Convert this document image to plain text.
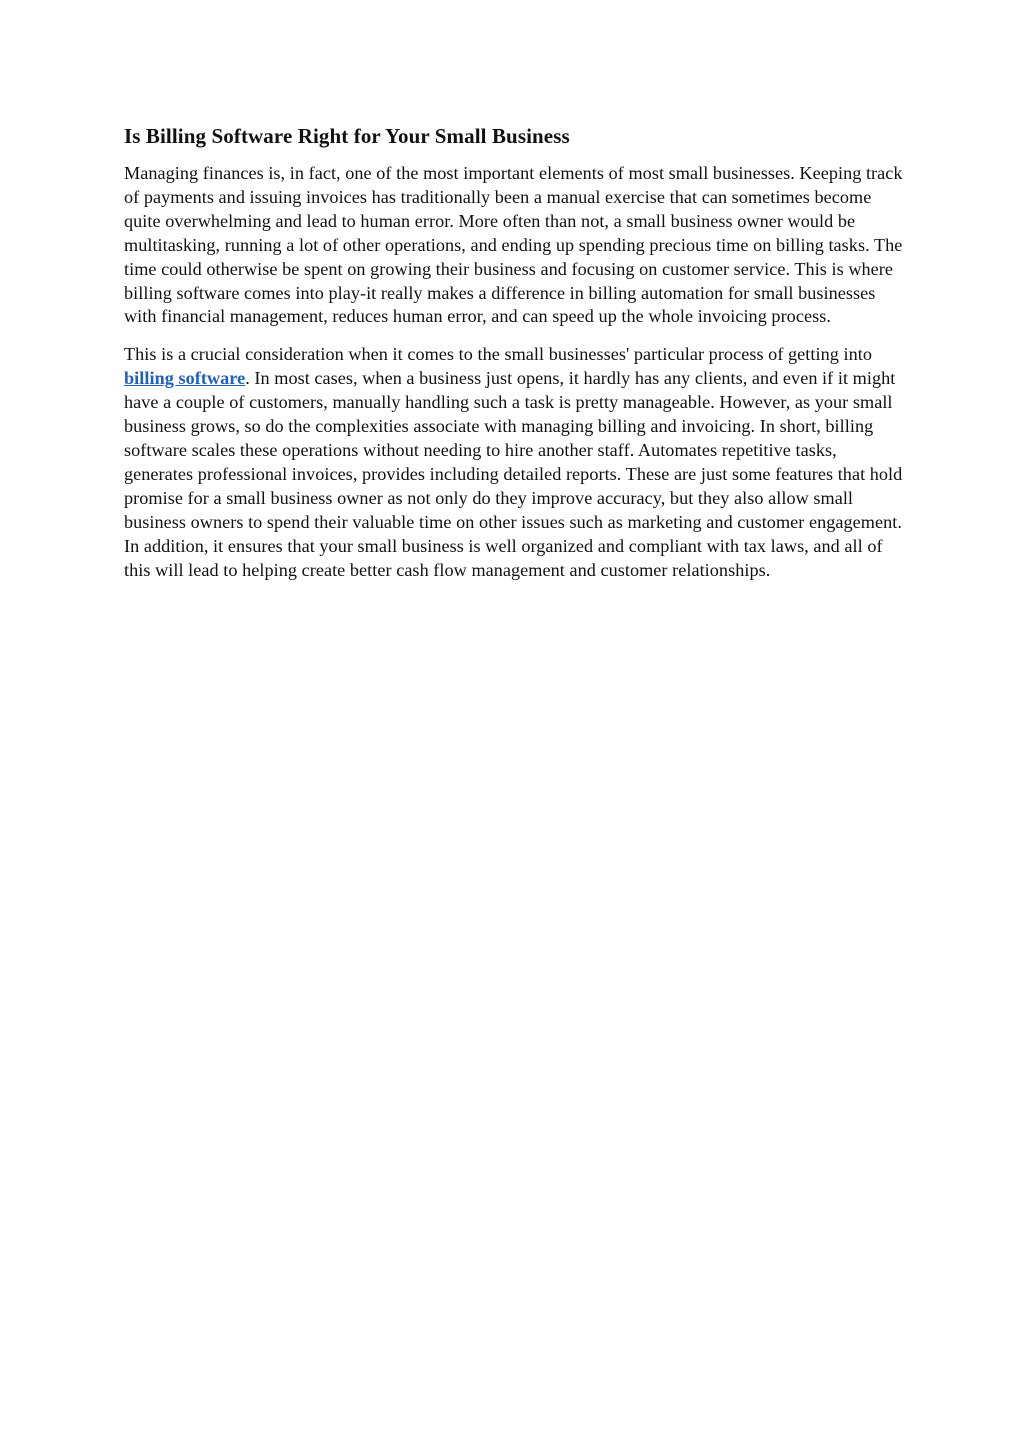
Is Billing Software Right for Your Small Business

Managing finances is, in fact, one of the most important elements of most small businesses. Keeping track of payments and issuing invoices has traditionally been a manual exercise that can sometimes become quite overwhelming and lead to human error. More often than not, a small business owner would be multitasking, running a lot of other operations, and ending up spending precious time on billing tasks. The time could otherwise be spent on growing their business and focusing on customer service. This is where billing software comes into play-it really makes a difference in billing automation for small businesses with financial management, reduces human error, and can speed up the whole invoicing process.

This is a crucial consideration when it comes to the small businesses' particular process of getting into billing software. In most cases, when a business just opens, it hardly has any clients, and even if it might have a couple of customers, manually handling such a task is pretty manageable. However, as your small business grows, so do the complexities associate with managing billing and invoicing. In short, billing software scales these operations without needing to hire another staff. Automates repetitive tasks, generates professional invoices, provides including detailed reports. These are just some features that hold promise for a small business owner as not only do they improve accuracy, but they also allow small business owners to spend their valuable time on other issues such as marketing and customer engagement. In addition, it ensures that your small business is well organized and compliant with tax laws, and all of this will lead to helping create better cash flow management and customer relationships.
